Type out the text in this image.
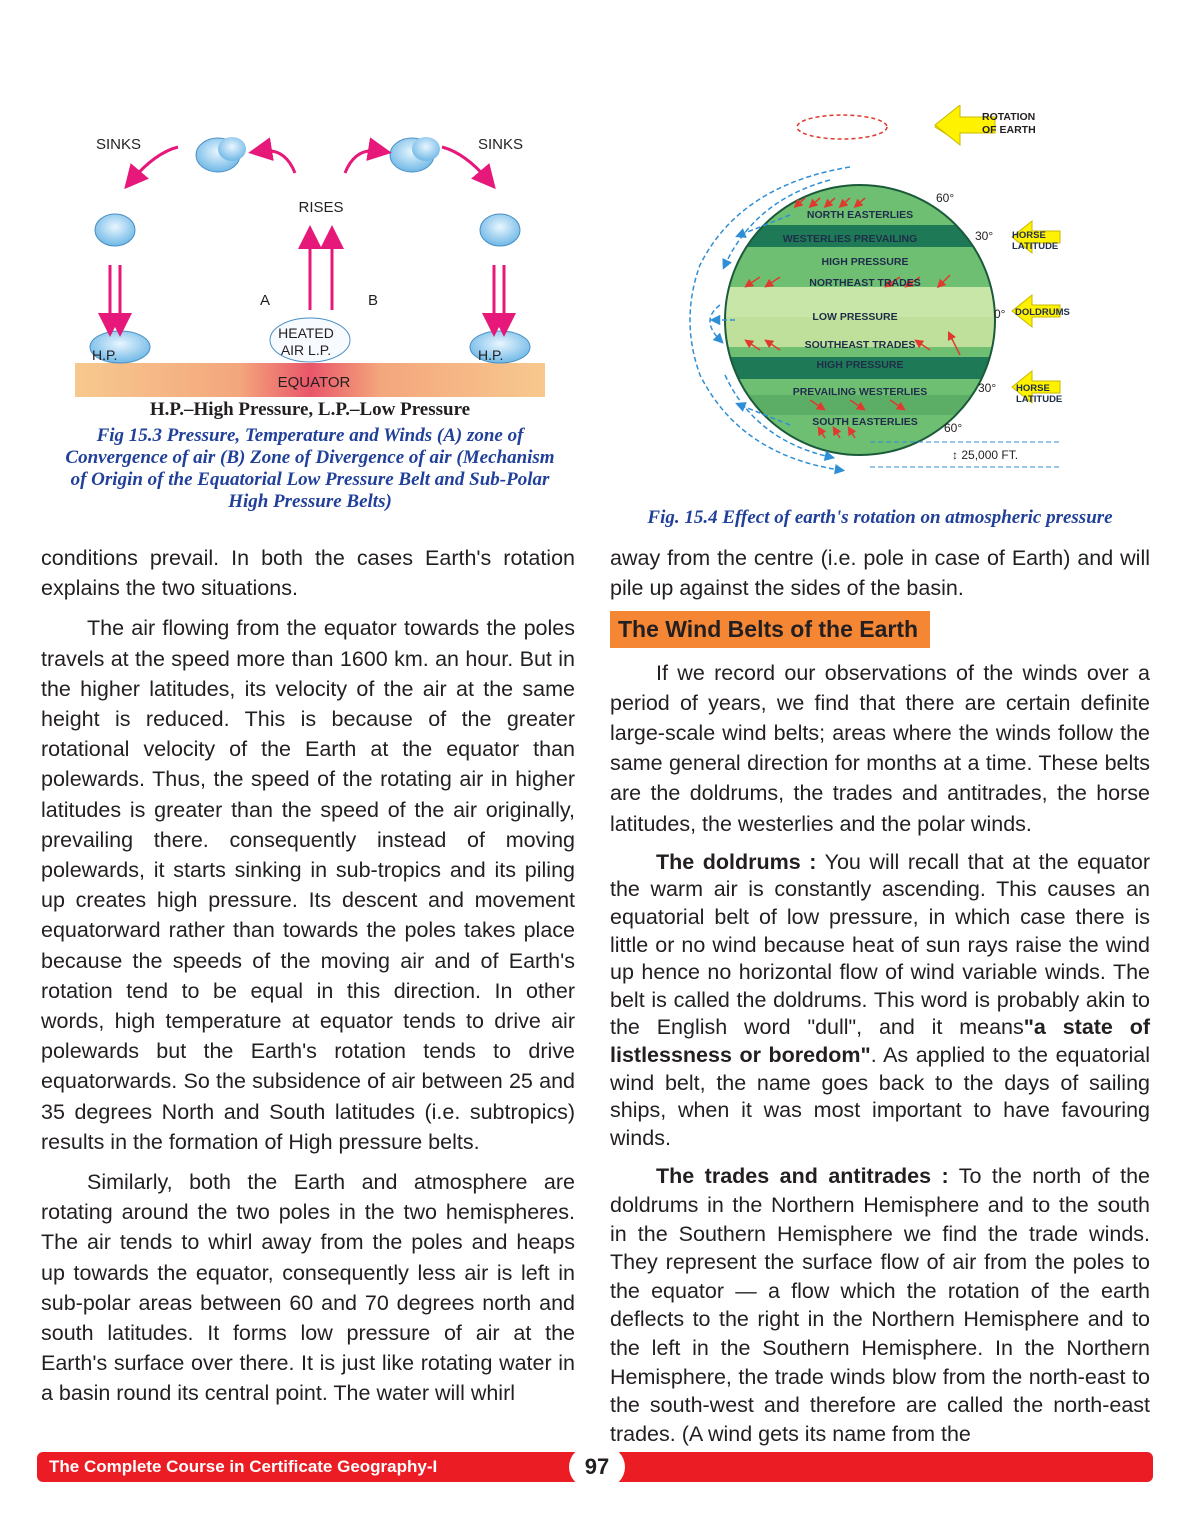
EQUATOR
SINKS	SINKS
RISES
A	B
HEATED
AIR L.P.
H.P.	H.P.
H.P.–High Pressure, L.P.–Low Pressure
Fig 15.3 Pressure, Temperature and Winds (A) zone of
Convergence of air (B) Zone of Divergence of air (Mechanism
of Origin of the Equatorial Low Pressure Belt and Sub-Polar
High Pressure Belts)
ROTATION
OF EARTH
NORTH EASTERLIES
WESTERLIES PREVAILING
HIGH PRESSURE
NORTHEAST TRADES
LOW PRESSURE
SOUTHEAST TRADES
HIGH PRESSURE
PREVAILING WESTERLIES
SOUTH EASTERLIES
60°
30°
0°
30°
60°
HORSE
LATITUDE
DOLDRUMS
HORSE
LATITUDE
↕ 25,000 FT.
Fig. 15.4 Effect of earth's rotation on atmospheric pressure

conditions prevail. In both the cases Earth's rotation explains the two situations.

The air flowing from the equator towards the poles travels at the speed more than 1600 km. an hour. But in the higher latitudes, its velocity of the air at the same height is reduced. This is because of the greater rotational velocity of the Earth at the equator than polewards. Thus, the speed of the rotating air in higher latitudes is greater than the speed of the air originally, prevailing there. consequently instead of moving polewards, it starts sinking in sub-tropics and its piling up creates high pressure. Its descent and movement equatorward rather than towards the poles takes place because the speeds of the moving air and of Earth's rotation tend to be equal in this direction. In other words, high temperature at equator tends to drive air polewards but the Earth's rotation tends to drive equatorwards. So the subsidence of air between 25 and 35 degrees North and South latitudes (i.e. subtropics) results in the formation of High pressure belts.

Similarly, both the Earth and atmosphere are rotating around the two poles in the two hemispheres. The air tends to whirl away from the poles and heaps up towards the equator, consequently less air is left in sub-polar areas between 60 and 70 degrees north and south latitudes. It forms low pressure of air at the Earth's surface over there. It is just like rotating water in a basin round its central point. The water will whirl

away from the centre (i.e. pole in case of Earth) and will pile up against the sides of the basin.

The Wind Belts of the Earth

If we record our observations of the winds over a period of years, we find that there are certain definite large-scale wind belts; areas where the winds follow the same general direction for months at a time. These belts are the doldrums, the trades and antitrades, the horse latitudes, the westerlies and the polar winds.

The doldrums : You will recall that at the equator the warm air is constantly ascending. This causes an equatorial belt of low pressure, in which case there is little or no wind because heat of sun rays raise the wind up hence no horizontal flow of wind variable winds. The belt is called the doldrums. This word is probably akin to the English word "dull", and it means"a state of listlessness or boredom". As applied to the equatorial wind belt, the name goes back to the days of sailing ships, when it was most important to have favouring winds.

The trades and antitrades : To the north of the doldrums in the Northern Hemisphere and to the south in the Southern Hemisphere we find the trade winds. They represent the surface flow of air from the poles to the equator — a flow which the rotation of the earth deflects to the right in the Northern Hemisphere and to the left in the Southern Hemisphere. In the Northern Hemisphere, the trade winds blow from the north-east to the south-west and therefore are called the north-east trades. (A wind gets its name from the

The Complete Course in Certificate Geography-I	97
